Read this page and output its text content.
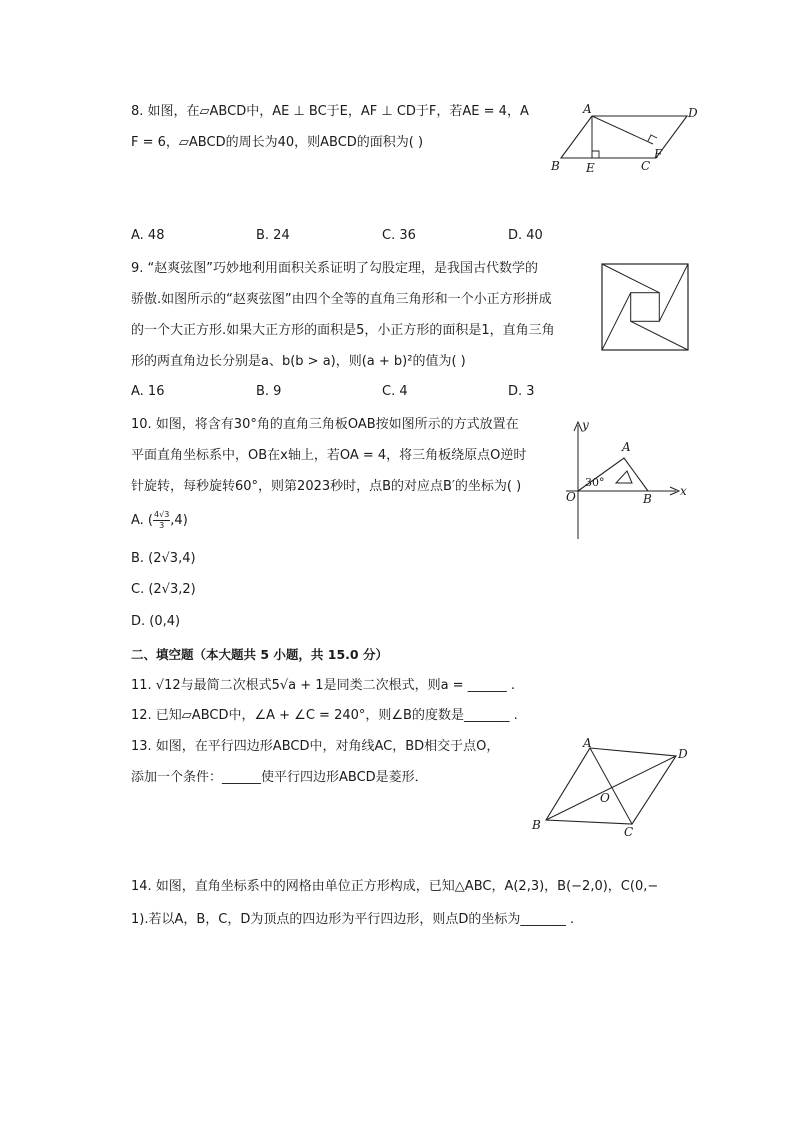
8. 如图，在▱ABCD中，AE ⊥ BC于E，AF ⊥ CD于F，若AE = 4，A
F = 6，▱ABCD的周长为40，则ABCD的面积为( )
A	D
B E	C
F
A. 48	B. 24	C. 36	D. 40
9. “赵爽弦图”巧妙地利用面积关系证明了勾股定理，是我国古代数学的
骄傲.如图所示的“赵爽弦图”由四个全等的直角三角形和一个小正方形拼成
的一个大正方形.如果大正方形的面积是5，小正方形的面积是1，直角三角
形的两直角边长分别是a、b(b > a)，则(a + b)²的值为( )
A. 16	B. 9	C. 4	D. 3
10. 如图，将含有30°角的直角三角板OAB按如图所示的方式放置在
平面直角坐标系中，OB在x轴上，若OA = 4，将三角板绕原点O逆时
针旋转，每秒旋转60°，则第2023秒时，点B的对应点B′的坐标为( )
y
x
A
O	B
30°
A. ( $\frac{4√3}{3} ,4$)
B. (2√3,4)
C. (2√3,2)
D. (0,4)
二、填空题（本大题共 5 小题，共 15.0 分）
11. √12与最简二次根式5√a + 1是同类二次根式，则a = ______ .
12. 已知▱ABCD中，∠A + ∠C = 240°，则∠B的度数是_______ .
13. 如图，在平行四边形ABCD中，对角线AC，BD相交于点O，
添加一个条件：______使平行四边形ABCD是菱形．
A
D
B	C
O
14. 如图，直角坐标系中的网格由单位正方形构成，已知△ABC，A(2,3)，B(−2,0)，C(0,−
1).若以A，B，C，D为顶点的四边形为平行四边形，则点D的坐标为_______ .
